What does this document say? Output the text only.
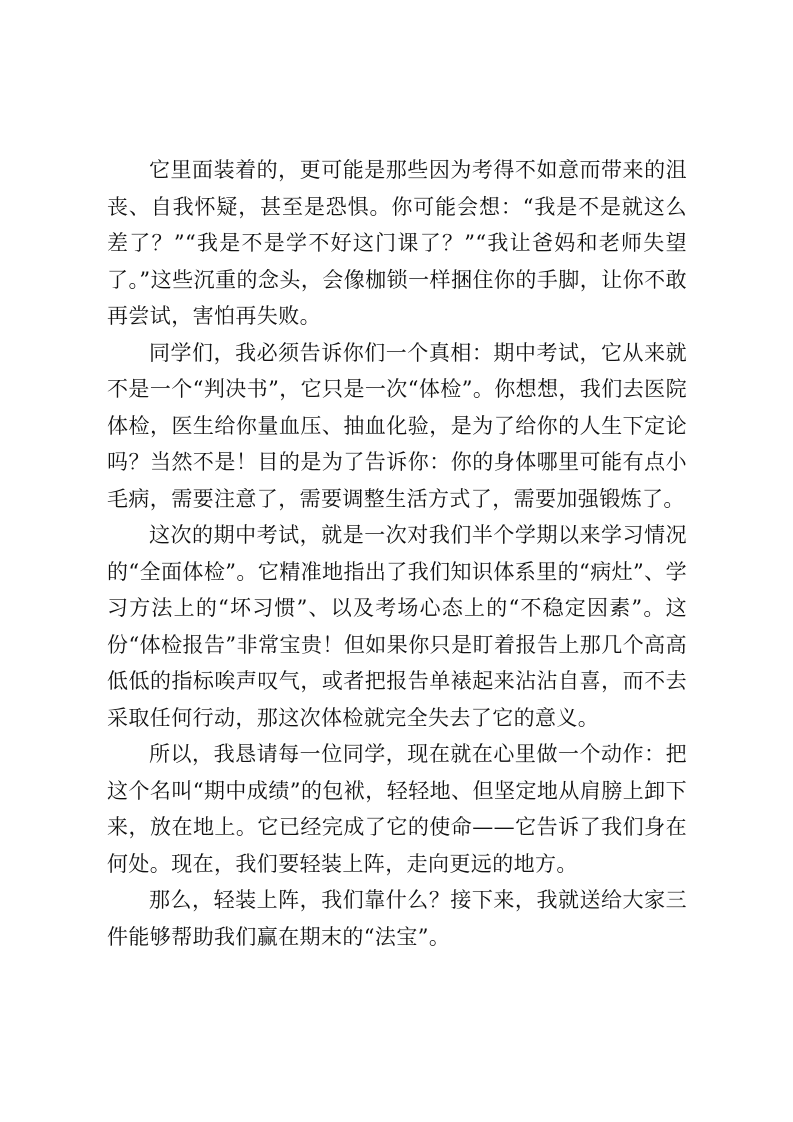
它里面装着的，更可能是那些因为考得不如意而带来的沮丧、自我怀疑，甚至是恐惧。你可能会想：“我是不是就这么差了？”“我是不是学不好这门课了？”“我让爸妈和老师失望了。”这些沉重的念头，会像枷锁一样捆住你的手脚，让你不敢再尝试，害怕再失败。

同学们，我必须告诉你们一个真相：期中考试，它从来就不是一个“判决书”，它只是一次“体检”。你想想，我们去医院体检，医生给你量血压、抽血化验，是为了给你的人生下定论吗？当然不是！目的是为了告诉你：你的身体哪里可能有点小毛病，需要注意了，需要调整生活方式了，需要加强锻炼了。

这次的期中考试，就是一次对我们半个学期以来学习情况的“全面体检”。它精准地指出了我们知识体系里的“病灶”、学习方法上的“坏习惯”、以及考场心态上的“不稳定因素”。这份“体检报告”非常宝贵！但如果你只是盯着报告上那几个高高低低的指标唉声叹气，或者把报告单裱起来沾沾自喜，而不去采取任何行动，那这次体检就完全失去了它的意义。

所以，我恳请每一位同学，现在就在心里做一个动作：把这个名叫“期中成绩”的包袱，轻轻地、但坚定地从肩膀上卸下来，放在地上。它已经完成了它的使命——它告诉了我们身在何处。现在，我们要轻装上阵，走向更远的地方。

那么，轻装上阵，我们靠什么？接下来，我就送给大家三件能够帮助我们赢在期末的“法宝”。
